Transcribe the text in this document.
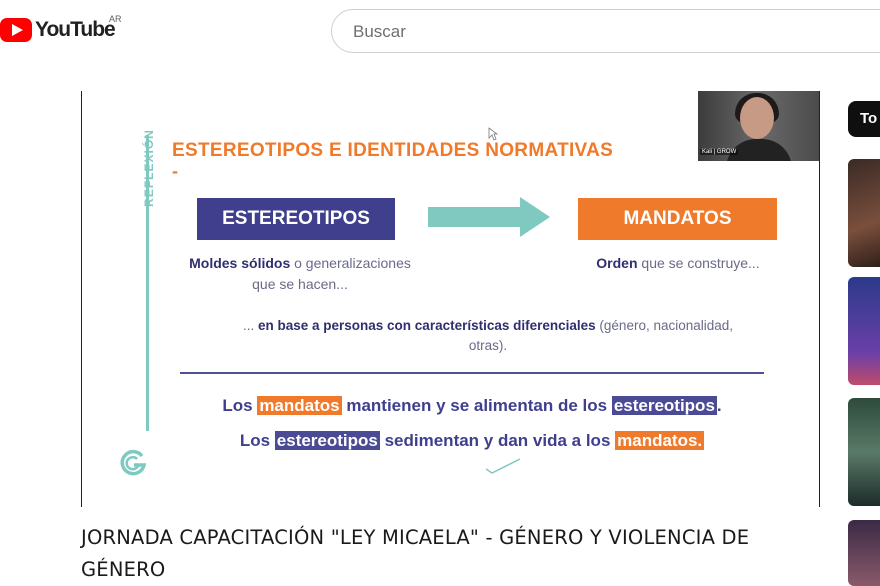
YouTube
AR
Buscar
REFLEXIÓN ESTEREOTIPOS E IDENTIDADES NORMATIVAS
-
ESTEREOTIPOS	MANDATOS
Moldes sólidos o generalizaciones
que se hacen...
Orden que se construye...
... en base a personas con características diferenciales (género, nacionalidad,
otras).
Los mandatos mantienen y se alimentan de los estereotipos .
Los estereotipos sedimentan y dan vida a los mandatos.
Kali | GROW
JORNADA CAPACITACIÓN "LEY MICAELA" - GÉNERO Y VIOLENCIA DE GÉNERO
To
